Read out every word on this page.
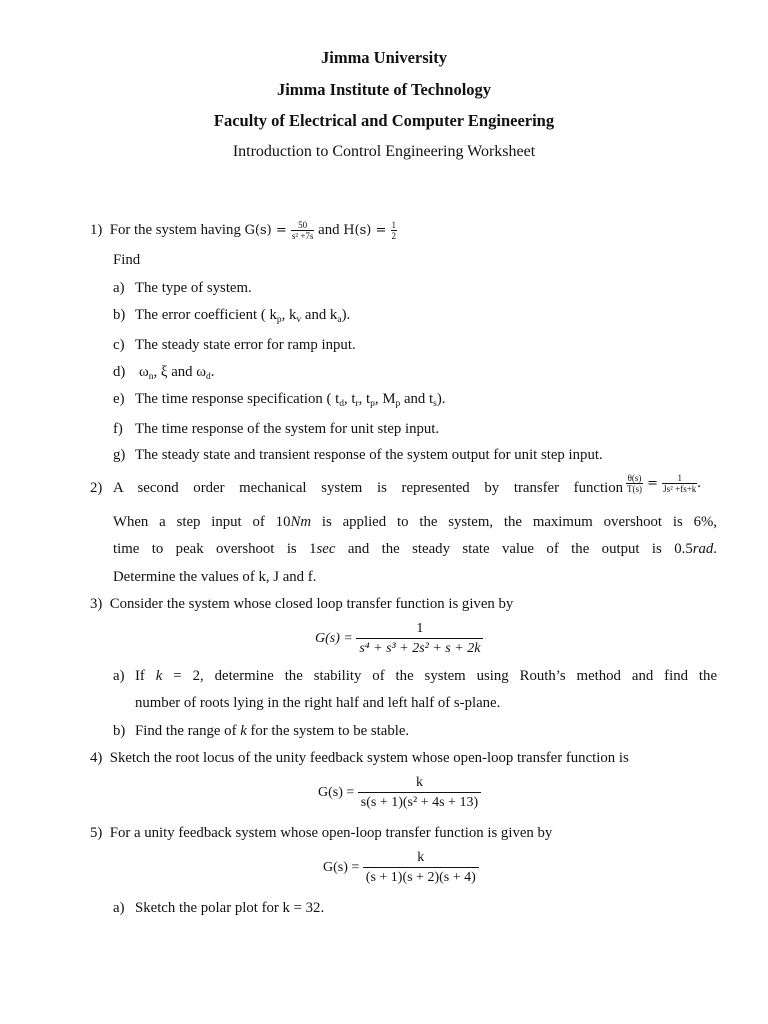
Jimma University
Jimma Institute of Technology
Faculty of Electrical and Computer Engineering
Introduction to Control Engineering Worksheet
1) For the system having $G(s) = \frac{50}{\text{s² +7s}}$ and $H(s) = \frac{1}{2}$
Find
a) The type of system.
b) The error coefficient ( $k_p$, $k_v$ and $k_a$).
c) The steady state error for ramp input.
d) $\omega_n$, ξ and $\omega_d$.
e) The time response specification ( $t_d$, $t_r$, $t_p$, $M_p$ and $t_s$).
f) The time response of the system for unit step input.
g) The steady state and transient response of the system output for unit step input.
2) A second order mechanical system is represented by transfer function $\frac{\theta(s)}{T(s)} = \frac{1}{\text{Js² +fs+k}}$ .
When a step input of 10Nm is applied to the system, the maximum overshoot is 6%,
time to peak overshoot is 1sec and the steady state value of the output is 0.5rad.
Determine the values of k, J and f.
3) Consider the system whose closed loop transfer function is given by
$G(s) = \frac{1}{\text{s⁴ + s³ + 2s² + s + 2k}}$
a) If k = 2, determine the stability of the system using Routh’s method and find the
number of roots lying in the right half and left half of s-plane.
b) Find the range of k for the system to be stable.
4) Sketch the root locus of the unity feedback system whose open-loop transfer function is
$G(s) = \frac{k}{\text{s(s + 1)(s² + 4s + 13)}}$
5) For a unity feedback system whose open-loop transfer function is given by
$G(s) = \frac{k}{(s + 1)(s + 2)(s + 4)}$
a) Sketch the polar plot for k = 32.
